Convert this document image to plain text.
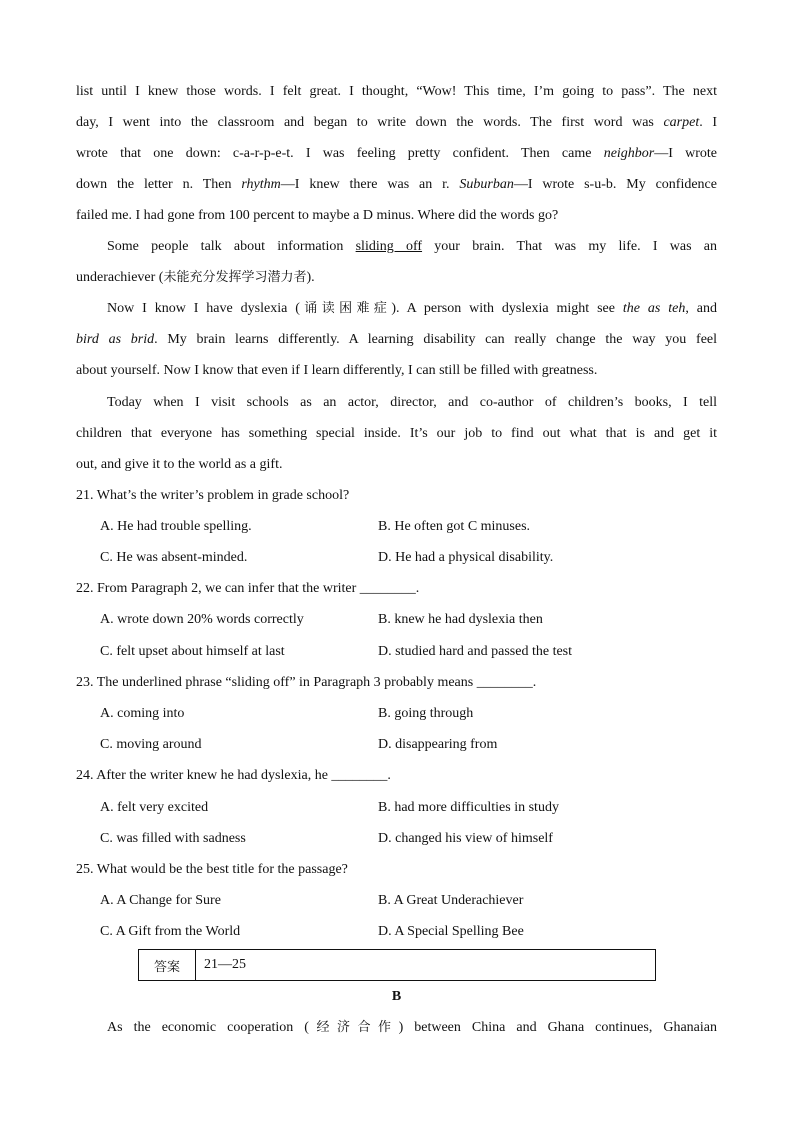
list until I knew those words. I felt great. I thought, “Wow! This time, I’m going to pass”. The next
day, I went into the classroom and began to write down the words. The first word was carpet. I
wrote that one down: c-a-r-p-e-t. I was feeling pretty confident. Then came neighbor—I wrote
down the letter n. Then rhythm—I knew there was an r. Suburban—I wrote s-u-b. My confidence
failed me. I had gone from 100 percent to maybe a D minus. Where did the words go?
Some people talk about information sliding off your brain. That was my life. I was an
underachiever (未能充分发挥学习潜力者).
Now I know I have dyslexia (诵读困难症). A person with dyslexia might see the as teh, and
bird as brid. My brain learns differently. A learning disability can really change the way you feel
about yourself. Now I know that even if I learn differently, I can still be filled with greatness.
Today when I visit schools as an actor, director, and co-author of children’s books, I tell
children that everyone has something special inside. It’s our job to find out what that is and get it
out, and give it to the world as a gift.
21. What’s the writer’s problem in grade school?
A. He had trouble spelling.	B. He often got C minuses.
C. He was absent-minded.	D. He had a physical disability.
22. From Paragraph 2, we can infer that the writer ________.
A. wrote down 20% words correctly	B. knew he had dyslexia then
C. felt upset about himself at last	D. studied hard and passed the test
23. The underlined phrase “sliding off” in Paragraph 3 probably means ________.
A. coming into	B. going through
C. moving around	D. disappearing from
24. After the writer knew he had dyslexia, he ________.
A. felt very excited	B. had more difficulties in study
C. was filled with sadness	D. changed his view of himself
25. What would be the best title for the passage?
A. A Change for Sure	B. A Great Underachiever
C. A Gift from the World	D. A Special Spelling Bee
答案	21—25
B
As the economic cooperation (经济合作) between China and Ghana continues, Ghanaian
